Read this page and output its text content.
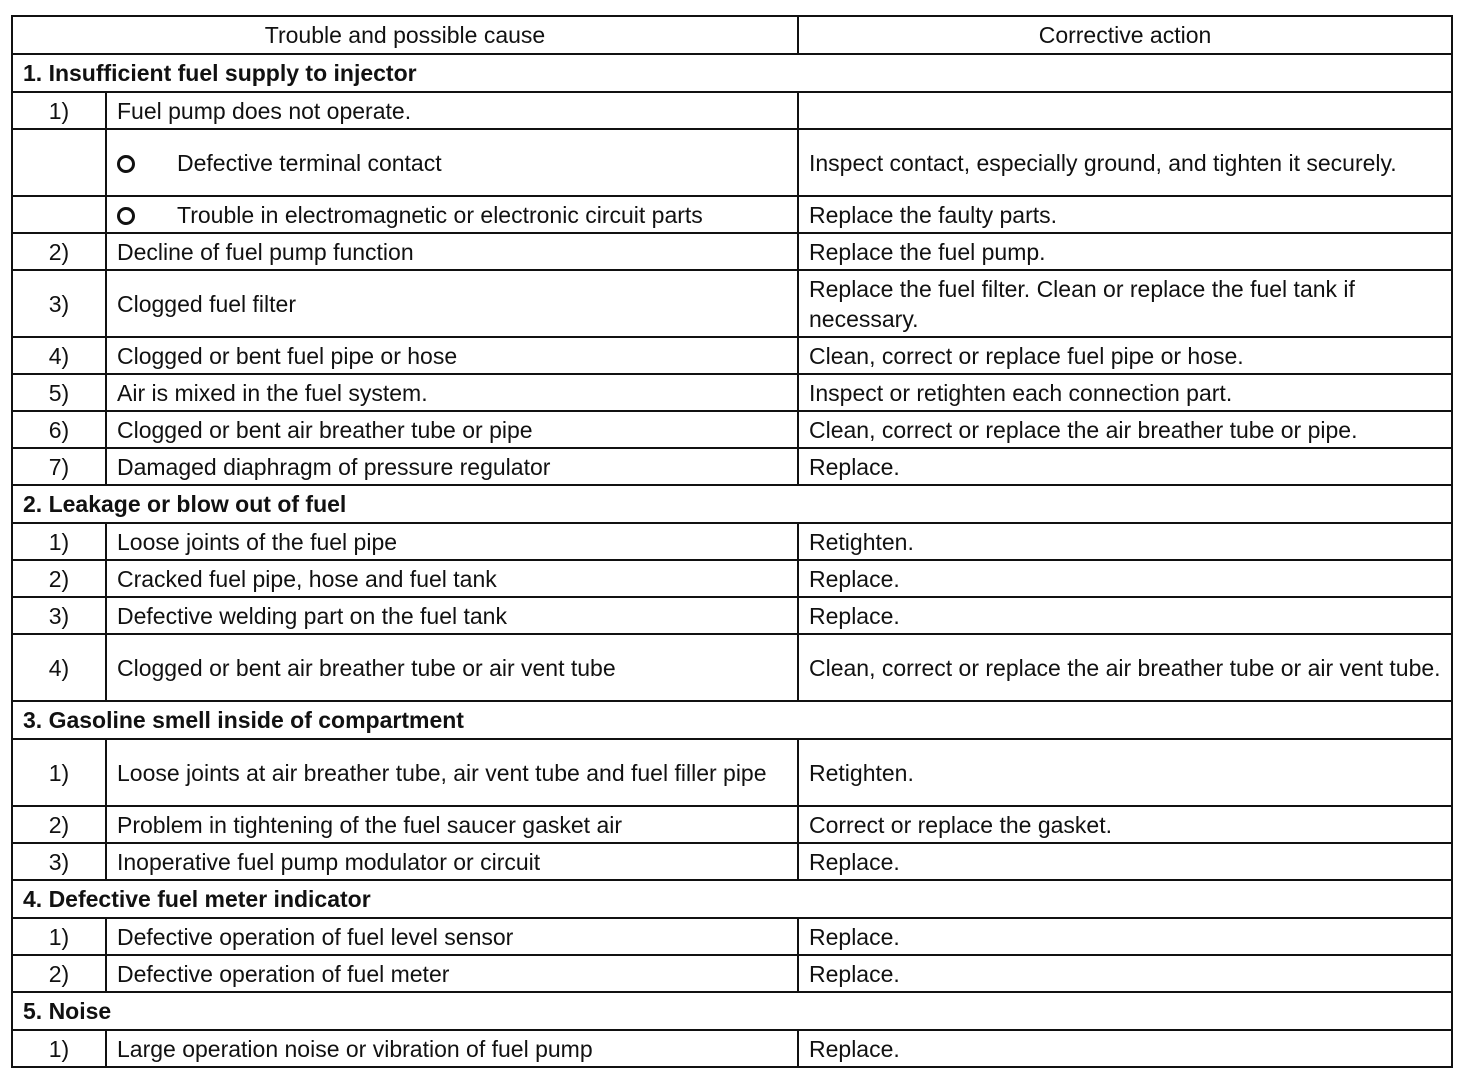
Trouble and possible cause		Corrective action
1. Insufficient fuel supply to injector		
1)	Fuel pump does not operate.	
	Defective terminal contact	Inspect contact, especially ground, and tighten it securely.
	Trouble in electromagnetic or electronic circuit parts	Replace the faulty parts.
2)	Decline of fuel pump function	Replace the fuel pump.
3)	Clogged fuel filter	Replace the fuel filter. Clean or replace the fuel tank if necessary.
4)	Clogged or bent fuel pipe or hose	Clean, correct or replace fuel pipe or hose.
5)	Air is mixed in the fuel system.	Inspect or retighten each connection part.
6)	Clogged or bent air breather tube or pipe	Clean, correct or replace the air breather tube or pipe.
7)	Damaged diaphragm of pressure regulator	Replace.
2. Leakage or blow out of fuel		
1)	Loose joints of the fuel pipe	Retighten.
2)	Cracked fuel pipe, hose and fuel tank	Replace.
3)	Defective welding part on the fuel tank	Replace.
4)	Clogged or bent air breather tube or air vent tube	Clean, correct or replace the air breather tube or air vent tube.
3. Gasoline smell inside of compartment		
1)	Loose joints at air breather tube, air vent tube and fuel filler pipe	Retighten.
2)	Problem in tightening of the fuel saucer gasket air	Correct or replace the gasket.
3)	Inoperative fuel pump modulator or circuit	Replace.
4. Defective fuel meter indicator		
1)	Defective operation of fuel level sensor	Replace.
2)	Defective operation of fuel meter	Replace.
5. Noise		
1)	Large operation noise or vibration of fuel pump	Replace.
